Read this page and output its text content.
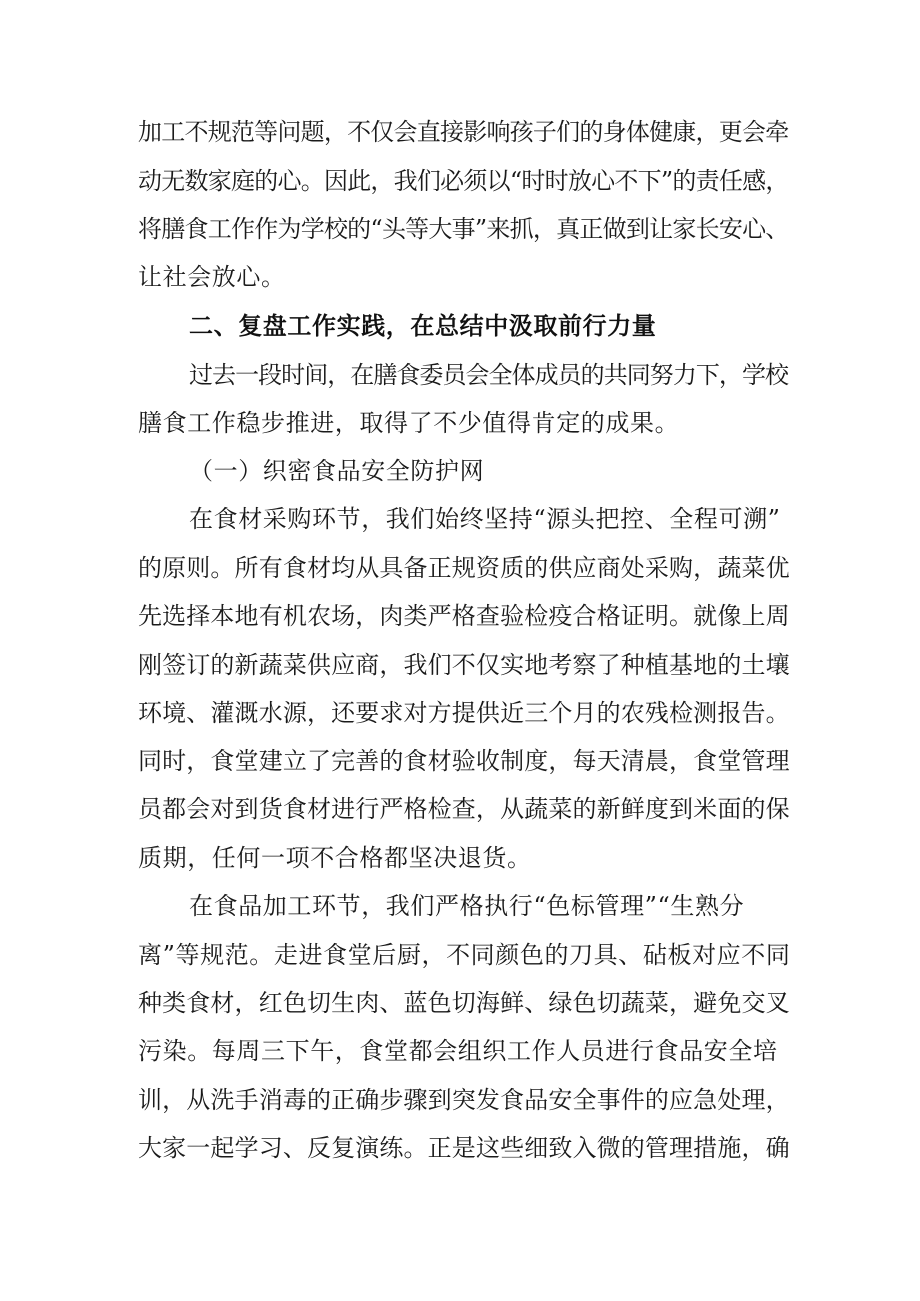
加工不规范等问题，不仅会直接影响孩子们的身体健康，更会牵
动无数家庭的心。因此，我们必须以“时时放心不下”的责任感，
将膳食工作作为学校的“头等大事”来抓，真正做到让家长安心、
让社会放心。
二、复盘工作实践，在总结中汲取前行力量
过去一段时间，在膳食委员会全体成员的共同努力下，学校
膳食工作稳步推进，取得了不少值得肯定的成果。
（一）织密食品安全防护网
在食材采购环节，我们始终坚持“源头把控、全程可溯”
的原则。所有食材均从具备正规资质的供应商处采购，蔬菜优
先选择本地有机农场，肉类严格查验检疫合格证明。就像上周
刚签订的新蔬菜供应商，我们不仅实地考察了种植基地的土壤
环境、灌溉水源，还要求对方提供近三个月的农残检测报告。
同时，食堂建立了完善的食材验收制度，每天清晨，食堂管理
员都会对到货食材进行严格检查，从蔬菜的新鲜度到米面的保
质期，任何一项不合格都坚决退货。
在食品加工环节，我们严格执行“色标管理”“生熟分
离”等规范。走进食堂后厨，不同颜色的刀具、砧板对应不同
种类食材，红色切生肉、蓝色切海鲜、绿色切蔬菜，避免交叉
污染。每周三下午，食堂都会组织工作人员进行食品安全培
训，从洗手消毒的正确步骤到突发食品安全事件的应急处理，
大家一起学习、反复演练。正是这些细致入微的管理措施，确
